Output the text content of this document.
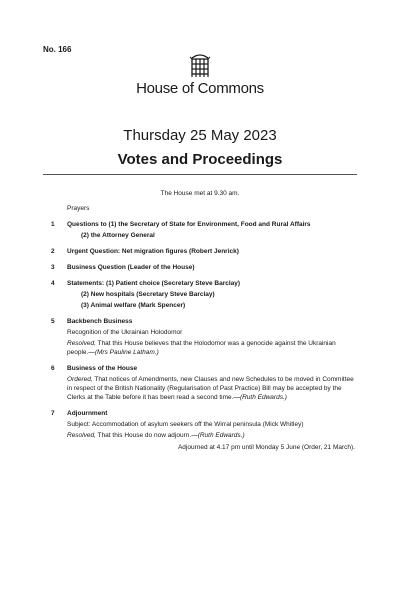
No. 166
House of Commons
Thursday 25 May 2023
Votes and Proceedings
The House met at 9.30 am.
Prayers
1 Questions to (1) the Secretary of State for Environment, Food and Rural Affairs
(2) the Attorney General
2 Urgent Question: Net migration figures (Robert Jenrick)
3 Business Question (Leader of the House)
4 Statements: (1) Patient choice (Secretary Steve Barclay)
(2) New hospitals (Secretary Steve Barclay)
(3) Animal welfare (Mark Spencer)
5 Backbench Business
Recognition of the Ukrainian Holodomor
Resolved, That this House believes that the Holodomor was a genocide against the Ukrainian people.—(Mrs Pauline Latham.)
6 Business of the House
Ordered, That notices of Amendments, new Clauses and new Schedules to be moved in Committee in respect of the British Nationality (Regularisation of Past Practice) Bill may be accepted by the Clerks at the Table before it has been read a second time.—(Ruth Edwards.)
7 Adjournment
Subject: Accommodation of asylum seekers off the Wirral peninsula (Mick Whitley)
Resolved, That this House do now adjourn.—(Ruth Edwards.)
Adjourned at 4.17 pm until Monday 5 June (Order, 21 March).
